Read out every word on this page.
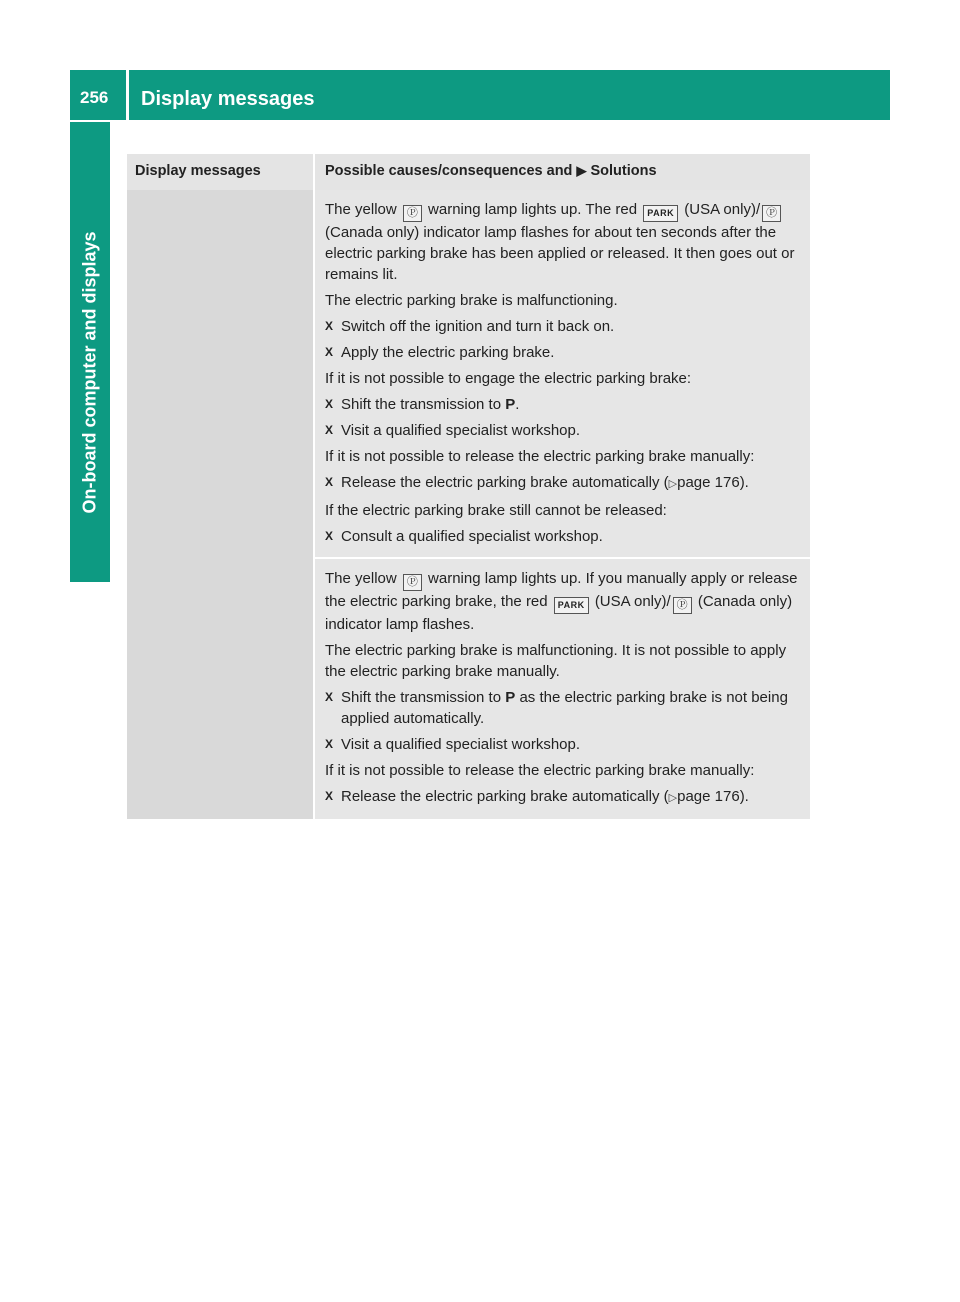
256	Display messages
On-board computer and displays
Display messages	Possible causes/consequences and ▶ Solutions

The yellow Ⓟ warning lamp lights up. The red PARK (USA only)/ Ⓟ (Canada only) indicator lamp flashes for about ten seconds after the electric parking brake has been applied or released. It then goes out or remains lit.

The electric parking brake is malfunctioning.

X Switch off the ignition and turn it back on.
X Apply the electric parking brake.

If it is not possible to engage the electric parking brake:

X Shift the transmission to P.
X Visit a qualified specialist workshop.

If it is not possible to release the electric parking brake manually:

X Release the electric parking brake automatically (▷page 176).

If the electric parking brake still cannot be released:

X Consult a qualified specialist workshop.

The yellow Ⓟ warning lamp lights up. If you manually apply or release the electric parking brake, the red PARK (USA only)/ Ⓟ (Canada only) indicator lamp flashes.

The electric parking brake is malfunctioning. It is not possible to apply the electric parking brake manually.

X Shift the transmission to P as the electric parking brake is not being applied automatically.
X Visit a qualified specialist workshop.

If it is not possible to release the electric parking brake manually:

X Release the electric parking brake automatically (▷page 176).
